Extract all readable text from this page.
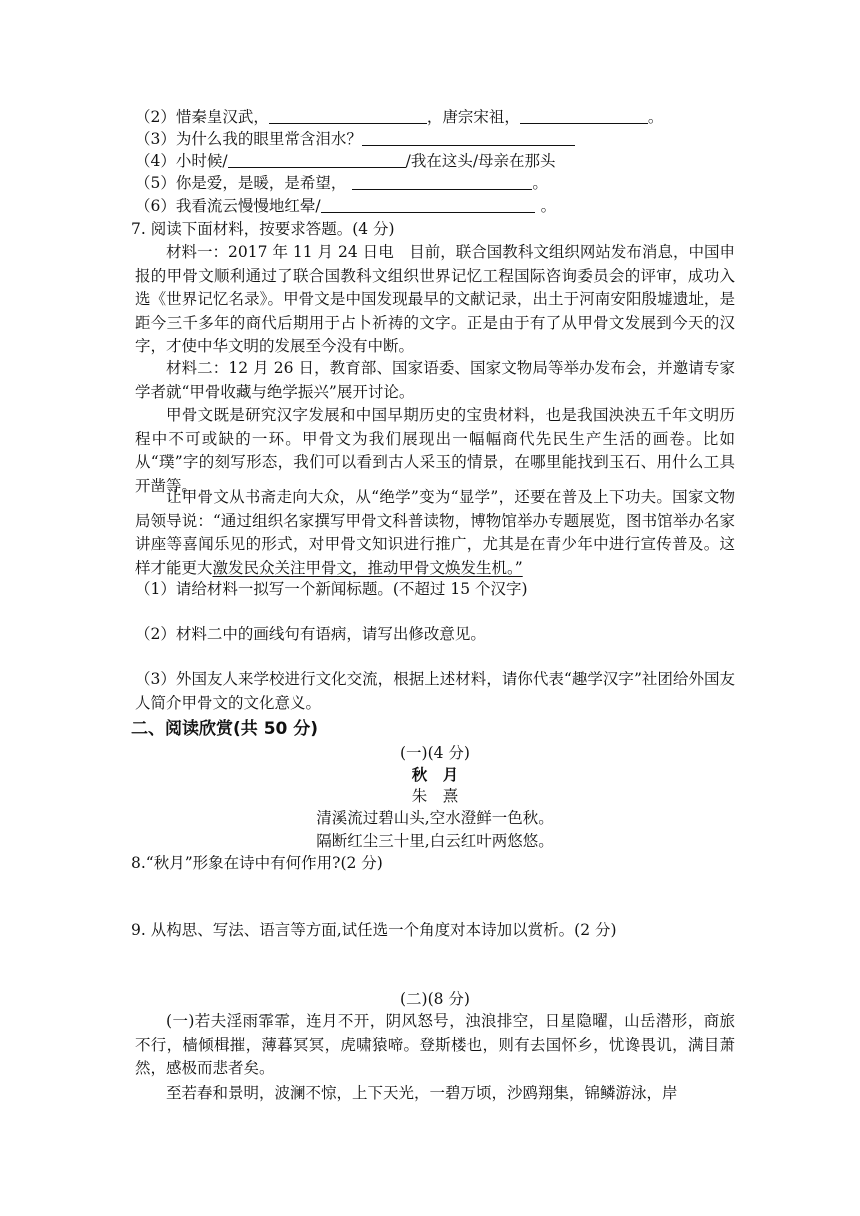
（2）惜秦皇汉武，	，唐宗宋祖，	。
（3）为什么我的眼里常含泪水？
（4）小时候/	/我在这头/母亲在那头
（5）你是爱，是暖，是希望，	。
（6）我看流云慢慢地红晕/	。
7. 阅读下面材料，按要求答题。(4 分)
材料一：2017 年 11 月 24 日电　目前，联合国教科文组织网站发布消息，中国申报的甲骨文顺利通过了联合国教科文组织世界记忆工程国际咨询委员会的评审，成功入选《世界记忆名录》。甲骨文是中国发现最早的文献记录，出土于河南安阳殷墟遗址，是距今三千多年的商代后期用于占卜祈祷的文字。正是由于有了从甲骨文发展到今天的汉字，才使中华文明的发展至今没有中断。
材料二：12 月 26 日，教育部、国家语委、国家文物局等举办发布会，并邀请专家学者就“甲骨收藏与绝学振兴”展开讨论。
甲骨文既是研究汉字发展和中国早期历史的宝贵材料，也是我国泱泱五千年文明历程中不可或缺的一环。甲骨文为我们展现出一幅幅商代先民生产生活的画卷。比如从“璞”字的刻写形态，我们可以看到古人采玉的情景，在哪里能找到玉石、用什么工具开凿等。
让甲骨文从书斋走向大众，从“绝学”变为“显学”，还要在普及上下功夫。国家文物局领导说：“通过组织名家撰写甲骨文科普读物，博物馆举办专题展览，图书馆举办名家讲座等喜闻乐见的形式，对甲骨文知识进行推广，尤其是在青少年中进行宣传普及。这样才能更大激发民众关注甲骨文，推动甲骨文焕发生机。”
（1）请给材料一拟写一个新闻标题。(不超过 15 个汉字)
（2）材料二中的画线句有语病，请写出修改意见。
（3）外国友人来学校进行文化交流，根据上述材料，请你代表“趣学汉字”社团给外国友人简介甲骨文的文化意义。
二、阅读欣赏(共 50 分)
(一)(4 分)
秋　月
朱　熹
清溪流过碧山头,空水澄鲜一色秋。
隔断红尘三十里,白云红叶两悠悠。
8.“秋月”形象在诗中有何作用?(2 分)
9. 从构思、写法、语言等方面,试任选一个角度对本诗加以赏析。(2 分)
(二)(8 分)
(一)若夫淫雨霏霏，连月不开，阴风怒号，浊浪排空，日星隐曜，山岳潜形，商旅不行，樯倾楫摧，薄暮冥冥，虎啸猿啼。登斯楼也，则有去国怀乡，忧谗畏讥，满目萧然，感极而悲者矣。
至若春和景明，波澜不惊，上下天光，一碧万顷，沙鸥翔集，锦鳞游泳，岸
